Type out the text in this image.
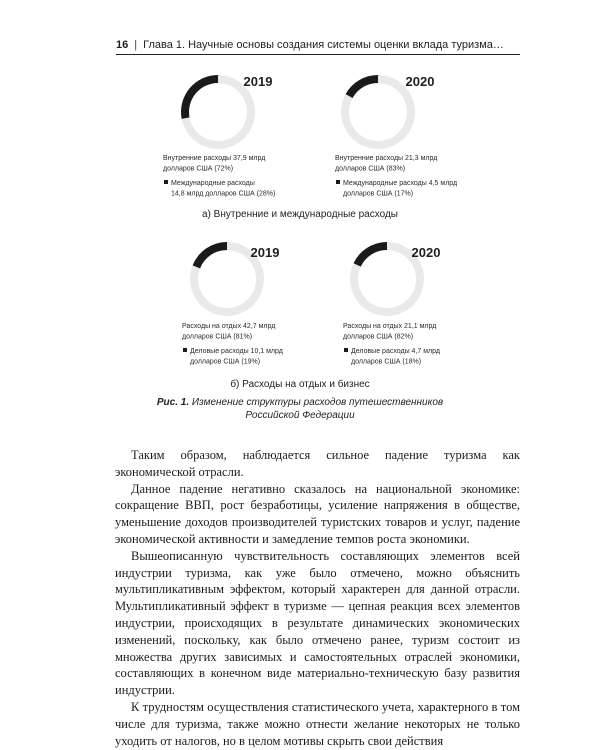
16 | Глава 1. Научные основы создания системы оценки вклада туризма…
2019
Внутренние расходы 37,9 млрд
долларов США (72%)
Международные расходы
14,8 млрд долларов США (28%)
2020
Внутренние расходы 21,3 млрд
долларов США (83%)
Международные расходы 4,5 млрд
долларов США (17%)
2019
Расходы на отдых 42,7 млрд
долларов США (81%)
Деловые расходы 10,1 млрд
долларов США (19%)
2020
Расходы на отдых 21,1 млрд
долларов США (82%)
Деловые расходы 4,7 млрд
долларов США (18%)
а) Внутренние и международные расходы
б) Расходы на отдых и бизнес
Рис. 1. Изменение структуры расходов путешественников
Российской Федерации

Таким образом, наблюдается сильное падение туризма как экономической отрасли.

Данное падение негативно сказалось на национальной экономике: сокращение ВВП, рост безработицы, усиление напряжения в обществе, уменьшение доходов производителей туристских товаров и услуг, падение экономической активности и замедление темпов роста экономики.

Вышеописанную чувствительность составляющих элементов всей индустрии туризма, как уже было отмечено, можно объяснить мультипликативным эффектом, который характерен для данной отрасли. Мультипликативный эффект в туризме — цепная реакция всех элементов индустрии, происходящих в результате динамических экономических изменений, поскольку, как было отмечено ранее, туризм состоит из множества других зависимых и самостоятельных отраслей экономики, составляющих в конечном виде материально-техническую базу развития индустрии.

К трудностям осуществления статистического учета, характерного в том числе для туризма, также можно отнести желание некоторых не только уходить от налогов, но в целом мотивы скрыть свои действия
